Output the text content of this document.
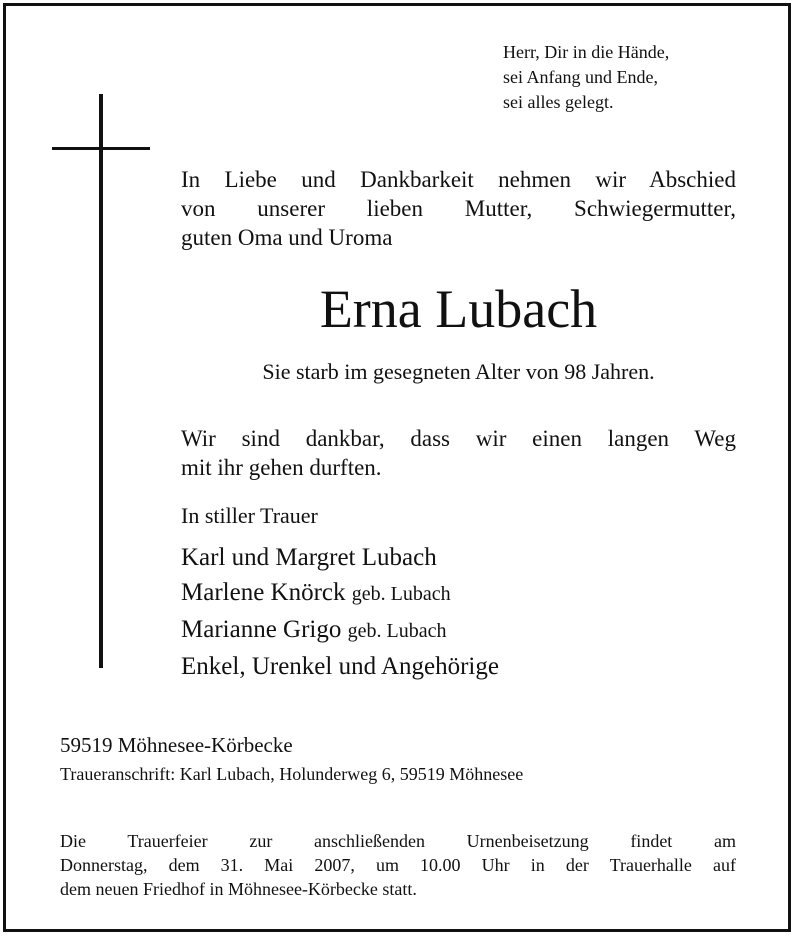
Herr, Dir in die Hände,
sei Anfang und Ende,
sei alles gelegt.
In Liebe und Dankbarkeit nehmen wir Abschied
von unserer lieben Mutter, Schwiegermutter,
guten Oma und Uroma
Erna Lubach
Sie starb im gesegneten Alter von 98 Jahren.
Wir sind dankbar, dass wir einen langen Weg
mit ihr gehen durften.
In stiller Trauer
Karl und Margret Lubach
Marlene Knörck geb. Lubach
Marianne Grigo geb. Lubach
Enkel, Urenkel und Angehörige
59519 Möhnesee-Körbecke
Traueranschrift: Karl Lubach, Holunderweg 6, 59519 Möhnesee
Die Trauerfeier zur anschließenden Urnenbeisetzung findet am
Donnerstag, dem 31. Mai 2007, um 10.00 Uhr in der Trauerhalle auf
dem neuen Friedhof in Möhnesee-Körbecke statt.
